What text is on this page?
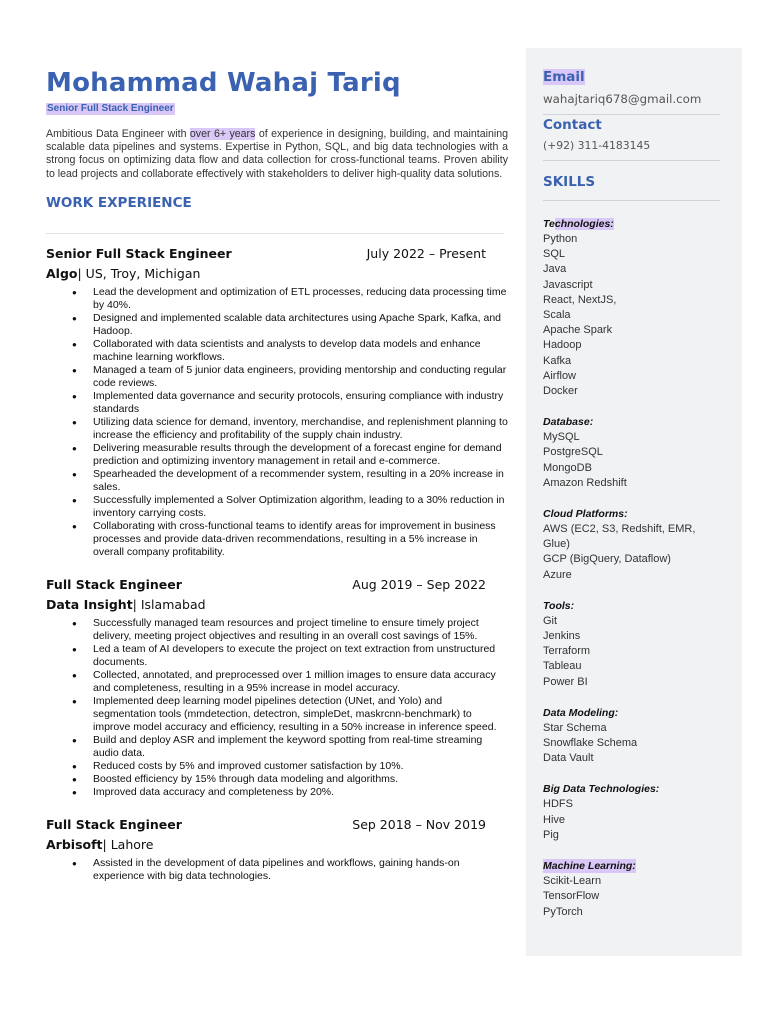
Mohammad Wahaj Tariq
Senior Full Stack Engineer

Ambitious Data Engineer with over 6+ years of experience in designing, building, and maintaining scalable data pipelines and systems. Expertise in Python, SQL, and big data technologies with a strong focus on optimizing data flow and data collection for cross-functional teams. Proven ability to lead projects and collaborate effectively with stakeholders to deliver high-quality data solutions.

WORK EXPERIENCE
Senior Full Stack Engineer	July 2022 – Present
Algo| US, Troy, Michigan
● Lead the development and optimization of ETL processes, reducing data processing time by 40%.
● Designed and implemented scalable data architectures using Apache Spark, Kafka, and Hadoop.
● Collaborated with data scientists and analysts to develop data models and enhance machine learning workflows.
● Managed a team of 5 junior data engineers, providing mentorship and conducting regular code reviews.
● Implemented data governance and security protocols, ensuring compliance with industry standards
● Utilizing data science for demand, inventory, merchandise, and replenishment planning to increase the efficiency and profitability of the supply chain industry.
● Delivering measurable results through the development of a forecast engine for demand prediction and optimizing inventory management in retail and e-commerce.
● Spearheaded the development of a recommender system, resulting in a 20% increase in sales.
● Successfully implemented a Solver Optimization algorithm, leading to a 30% reduction in inventory carrying costs.
● Collaborating with cross-functional teams to identify areas for improvement in business processes and provide data-driven recommendations, resulting in a 5% increase in overall company profitability.
Full Stack Engineer	Aug 2019 – Sep 2022
Data Insight| Islamabad
● Successfully managed team resources and project timeline to ensure timely project delivery, meeting project objectives and resulting in an overall cost savings of 15%.
● Led a team of AI developers to execute the project on text extraction from unstructured documents.
● Collected, annotated, and preprocessed over 1 million images to ensure data accuracy and completeness, resulting in a 95% increase in model accuracy.
● Implemented deep learning model pipelines detection (UNet, and Yolo) and segmentation tools (mmdetection, detectron, simpleDet, maskrcnn-benchmark) to improve model accuracy and efficiency, resulting in a 50% increase in inference speed.
● Build and deploy ASR and implement the keyword spotting from real-time streaming audio data.
● Reduced costs by 5% and improved customer satisfaction by 10%.
● Boosted efficiency by 15% through data modeling and algorithms.
● Improved data accuracy and completeness by 20%.
Full Stack Engineer	Sep 2018 – Nov 2019
Arbisoft| Lahore
● Assisted in the development of data pipelines and workflows, gaining hands-on experience with big data technologies.
Email
wahajtariq678@gmail.com
Contact
(+92) 311-4183145
SKILLS
Technologies:
Python
SQL
Java
Javascript
React, NextJS,
Scala
Apache Spark
Hadoop
Kafka
Airflow
Docker
Database:
MySQL
PostgreSQL
MongoDB
Amazon Redshift
Cloud Platforms:
AWS (EC2, S3, Redshift, EMR, Glue)
GCP (BigQuery, Dataflow)
Azure
Tools:
Git
Jenkins
Terraform
Tableau
Power BI
Data Modeling:
Star Schema
Snowflake Schema
Data Vault
Big Data Technologies:
HDFS
Hive
Pig
Machine Learning:
Scikit-Learn
TensorFlow
PyTorch
